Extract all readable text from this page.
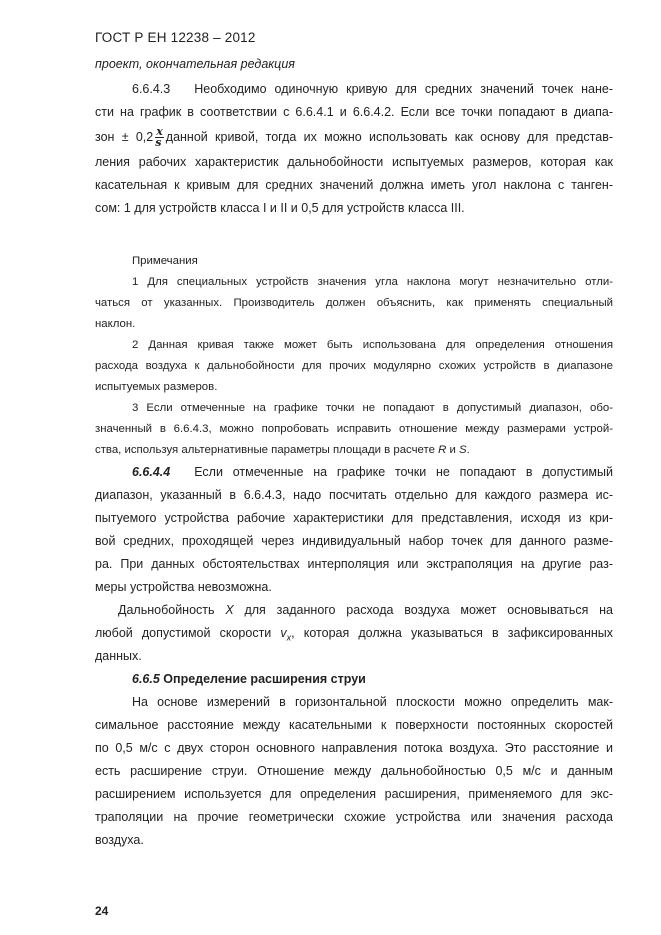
ГОСТ Р ЕН 12238 – 2012
проект, окончательная редакция
6.6.4.3 Необходимо одиночную кривую для средних значений точек нане-
сти на график в соответствии с 6.6.4.1 и 6.6.4.2. Если все точки попадают в диапа-
зон ± $0,2 \frac{x}{s}$ данной кривой, тогда их можно использовать как основу для представ-
ления рабочих характеристик дальнобойности испытуемых размеров, которая как
касательная к кривым для средних значений должна иметь угол наклона с танген-
сом: 1 для устройств класса I и II и 0,5 для устройств класса III.
Примечания
1 Для специальных устройств значения угла наклона могут незначительно отли-
чаться от указанных. Производитель должен объяснить, как применять специальный
наклон.
2 Данная кривая также может быть использована для определения отношения
расхода воздуха к дальнобойности для прочих модулярно схожих устройств в диапазоне
испытуемых размеров.
3 Если отмеченные на графике точки не попадают в допустимый диапазон, обо-
значенный в 6.6.4.3, можно попробовать исправить отношение между размерами устрой-
ства, используя альтернативные параметры площади в расчете R и S.
6.6.4.4 Если отмеченные на графике точки не попадают в допустимый
диапазон, указанный в 6.6.4.3, надо посчитать отдельно для каждого размера ис-
пытуемого устройства рабочие характеристики для представления, исходя из кри-
вой средних, проходящей через индивидуальный набор точек для данного разме-
ра. При данных обстоятельствах интерполяция или экстраполяция на другие раз-
меры устройства невозможна.
Дальнобойность X для заданного расхода воздуха может основываться на
любой допустимой скорости $v_x$, которая должна указываться в зафиксированных
данных.
6.6.5 Определение расширения струи
На основе измерений в горизонтальной плоскости можно определить мак-
симальное расстояние между касательными к поверхности постоянных скоростей
по 0,5 м/с с двух сторон основного направления потока воздуха. Это расстояние и
есть расширение струи. Отношение между дальнобойностью 0,5 м/с и данным
расширением используется для определения расширения, применяемого для экс-
траполяции на прочие геометрически схожие устройства или значения расхода
воздуха.
24
